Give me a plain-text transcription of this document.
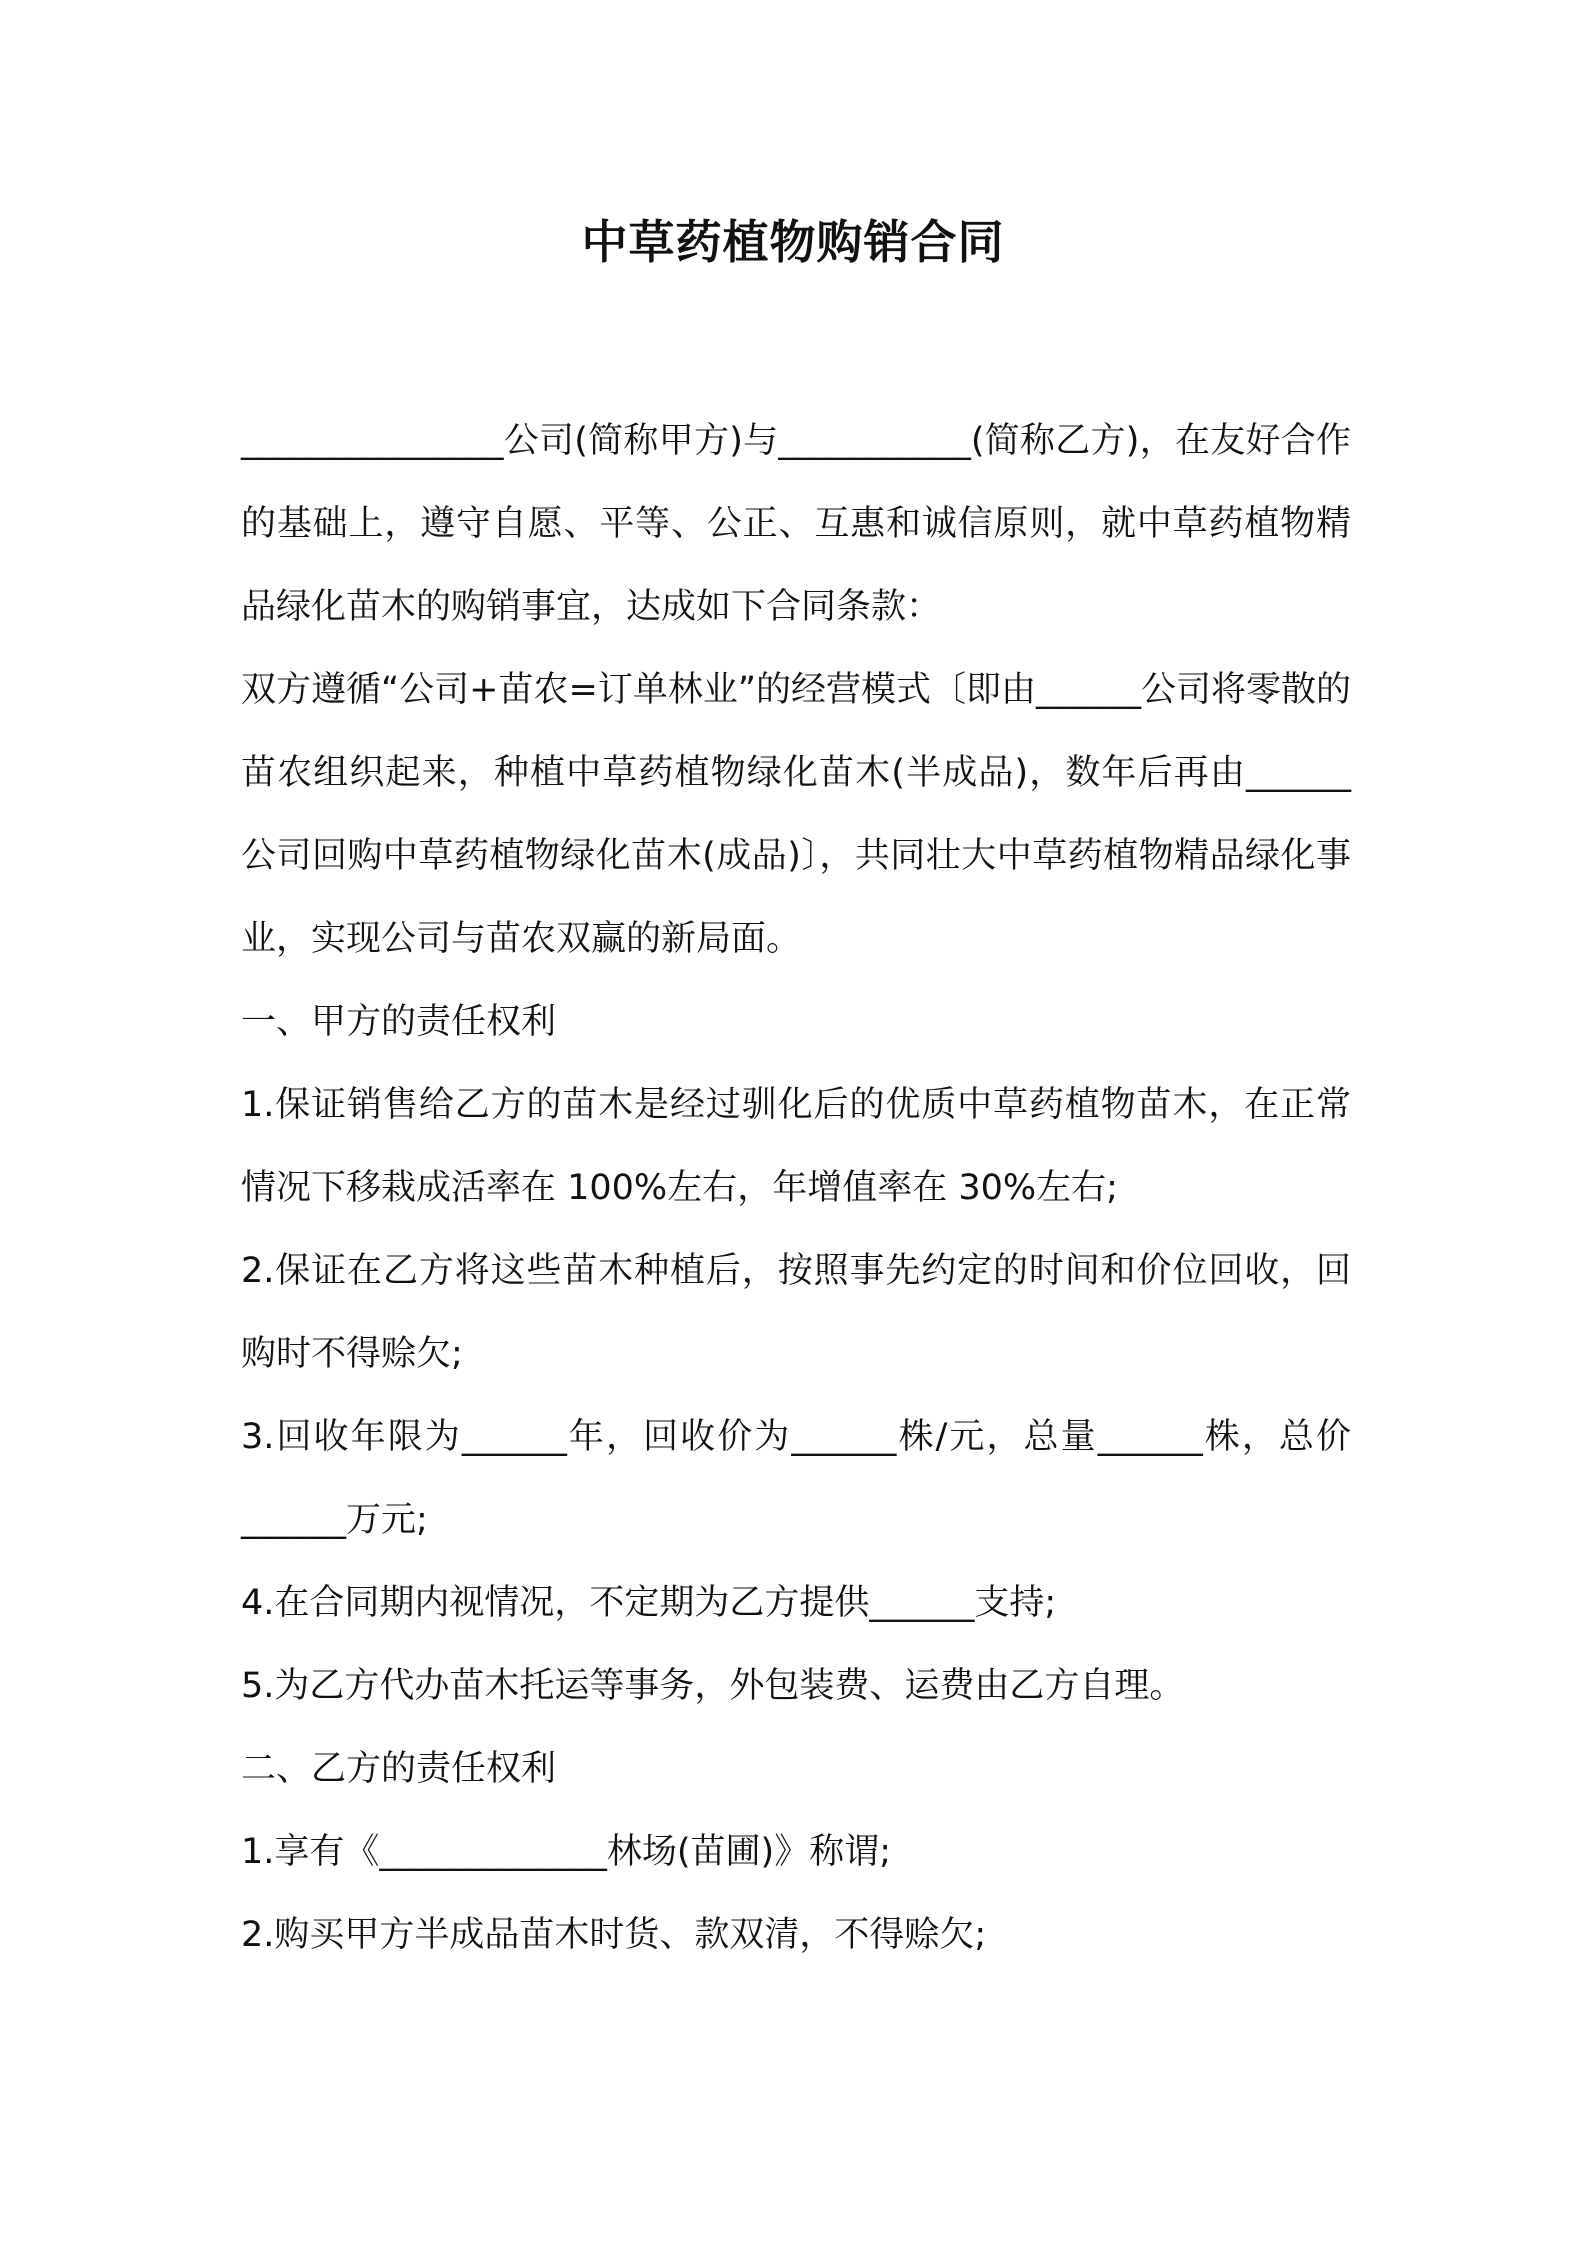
中草药植物购销合同

_______________公司(简称甲方)与___________(简称乙方)，在友好合作的基础上，遵守自愿、平等、公正、互惠和诚信原则，就中草药植物精品绿化苗木的购销事宜，达成如下合同条款：

双方遵循“公司+苗农=订单林业”的经营模式〔即由______公司将零散的苗农组织起来，种植中草药植物绿化苗木(半成品)，数年后再由______公司回购中草药植物绿化苗木(成品)〕，共同壮大中草药植物精品绿化事业，实现公司与苗农双赢的新局面。

一、甲方的责任权利

1.保证销售给乙方的苗木是经过驯化后的优质中草药植物苗木，在正常情况下移栽成活率在 100%左右，年增值率在 30%左右;

2.保证在乙方将这些苗木种植后，按照事先约定的时间和价位回收，回购时不得赊欠;

3.回收年限为______年，回收价为______株/元，总量______株，总价______万元;

4.在合同期内视情况，不定期为乙方提供______支持;

5.为乙方代办苗木托运等事务，外包装费、运费由乙方自理。

二、乙方的责任权利

1.享有《_____________林场(苗圃)》称谓;

2.购买甲方半成品苗木时货、款双清，不得赊欠;
